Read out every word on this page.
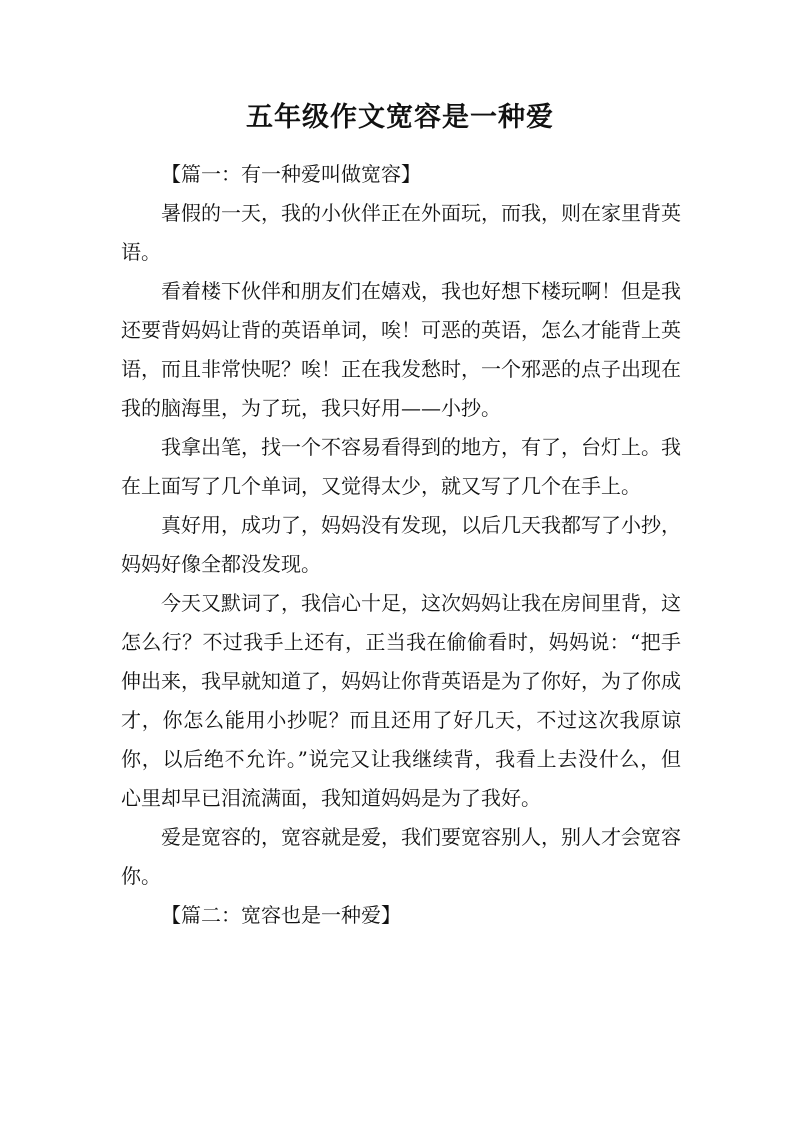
五年级作文宽容是一种爱

【篇一：有一种爱叫做宽容】

暑假的一天，我的小伙伴正在外面玩，而我，则在家里背英语。

看着楼下伙伴和朋友们在嬉戏，我也好想下楼玩啊！但是我还要背妈妈让背的英语单词，唉！可恶的英语，怎么才能背上英语，而且非常快呢？唉！正在我发愁时，一个邪恶的点子出现在我的脑海里，为了玩，我只好用——小抄。

我拿出笔，找一个不容易看得到的地方，有了，台灯上。我在上面写了几个单词，又觉得太少，就又写了几个在手上。

真好用，成功了，妈妈没有发现，以后几天我都写了小抄，妈妈好像全都没发现。

今天又默词了，我信心十足，这次妈妈让我在房间里背，这怎么行？不过我手上还有，正当我在偷偷看时，妈妈说：“把手伸出来，我早就知道了，妈妈让你背英语是为了你好，为了你成才，你怎么能用小抄呢？而且还用了好几天，不过这次我原谅你，以后绝不允许。”说完又让我继续背，我看上去没什么，但心里却早已泪流满面，我知道妈妈是为了我好。

爱是宽容的，宽容就是爱，我们要宽容别人，别人才会宽容你。

【篇二：宽容也是一种爱】
